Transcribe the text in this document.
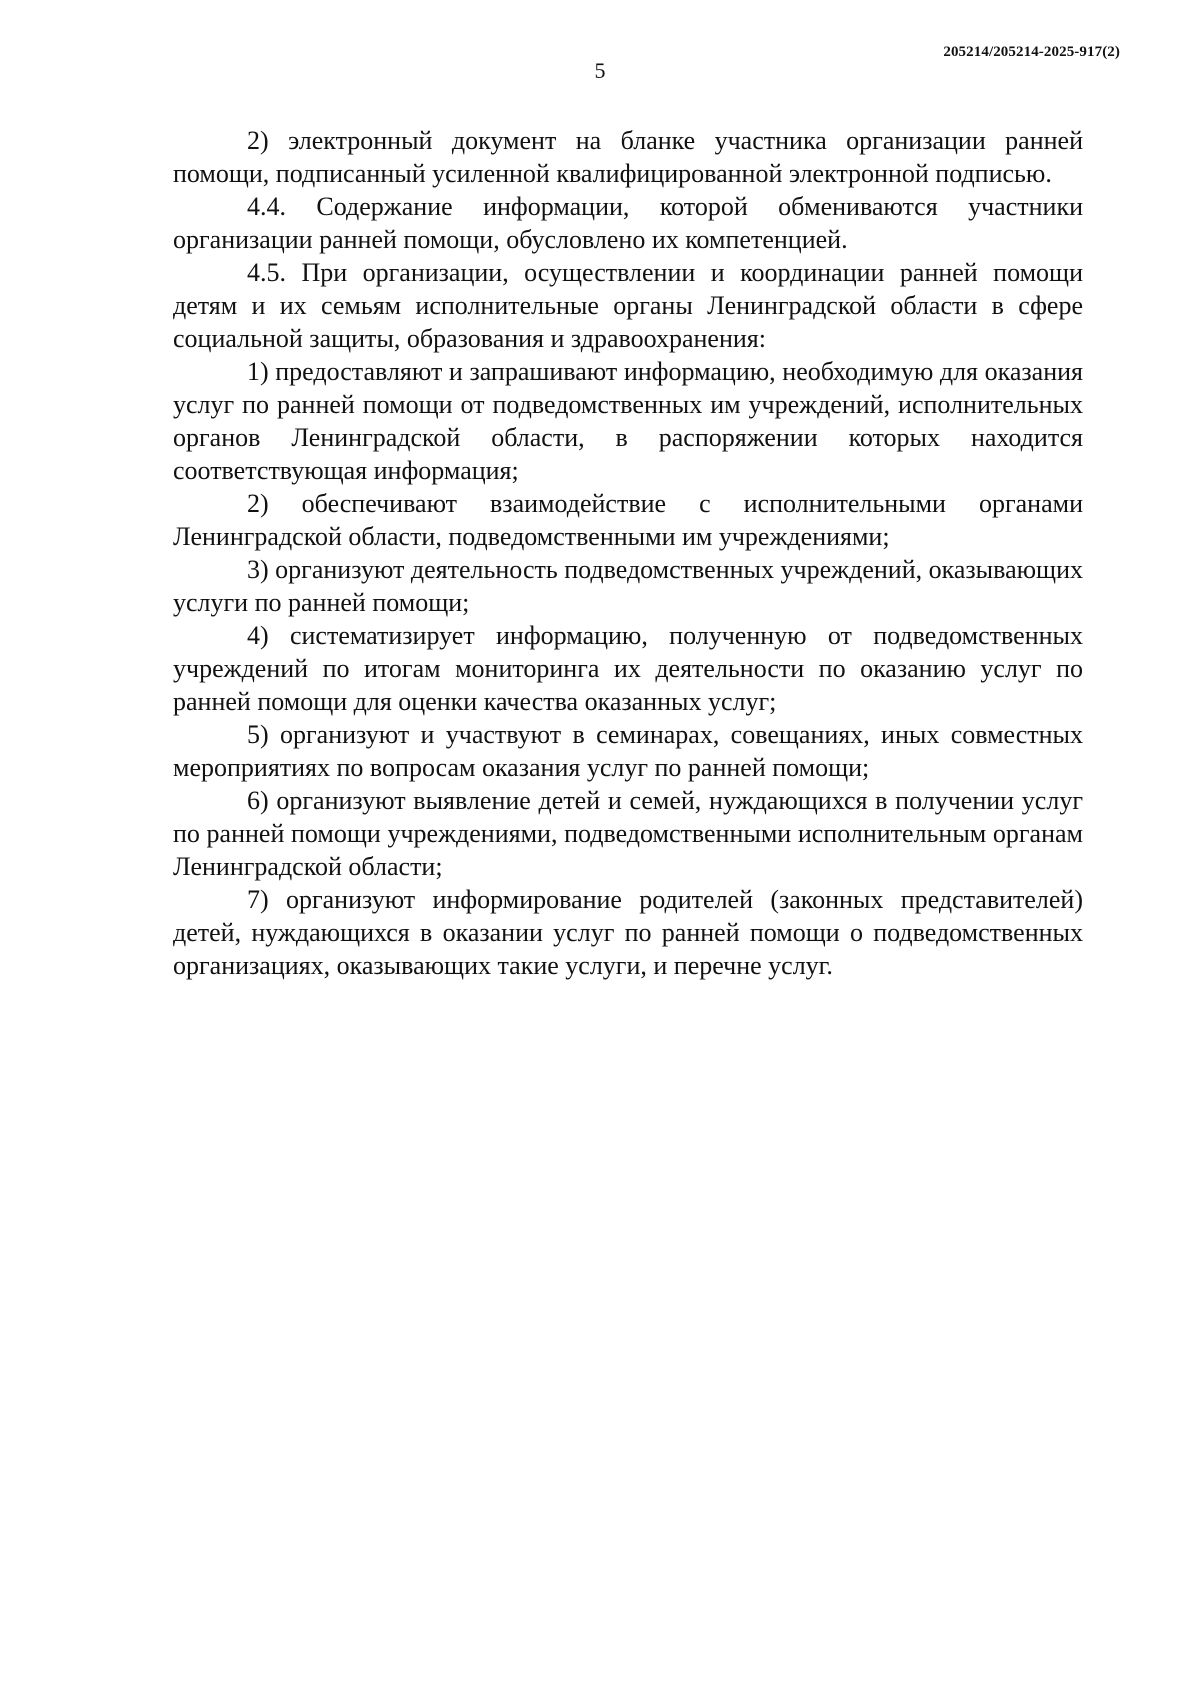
205214/205214-2025-917(2)
5

2) электронный документ на бланке участника организации ранней помощи, подписанный усиленной квалифицированной электронной подписью.

4.4. Содержание информации, которой обмениваются участники организации ранней помощи, обусловлено их компетенцией.

4.5. При организации, осуществлении и координации ранней помощи детям и их семьям исполнительные органы Ленинградской области в сфере социальной защиты, образования и здравоохранения:

1) предоставляют и запрашивают информацию, необходимую для оказания услуг по ранней помощи от подведомственных им учреждений, исполнительных органов Ленинградской области, в распоряжении которых находится соответствующая информация;

2) обеспечивают взаимодействие с исполнительными органами Ленинградской области, подведомственными им учреждениями;

3) организуют деятельность подведомственных учреждений, оказывающих услуги по ранней помощи;

4) систематизирует информацию, полученную от подведомственных учреждений по итогам мониторинга их деятельности по оказанию услуг по ранней помощи для оценки качества оказанных услуг;

5) организуют и участвуют в семинарах, совещаниях, иных совместных мероприятиях по вопросам оказания услуг по ранней помощи;

6) организуют выявление детей и семей, нуждающихся в получении услуг по ранней помощи учреждениями, подведомственными исполнительным органам Ленинградской области;

7) организуют информирование родителей (законных представителей) детей, нуждающихся в оказании услуг по ранней помощи о подведомственных организациях, оказывающих такие услуги, и перечне услуг.
